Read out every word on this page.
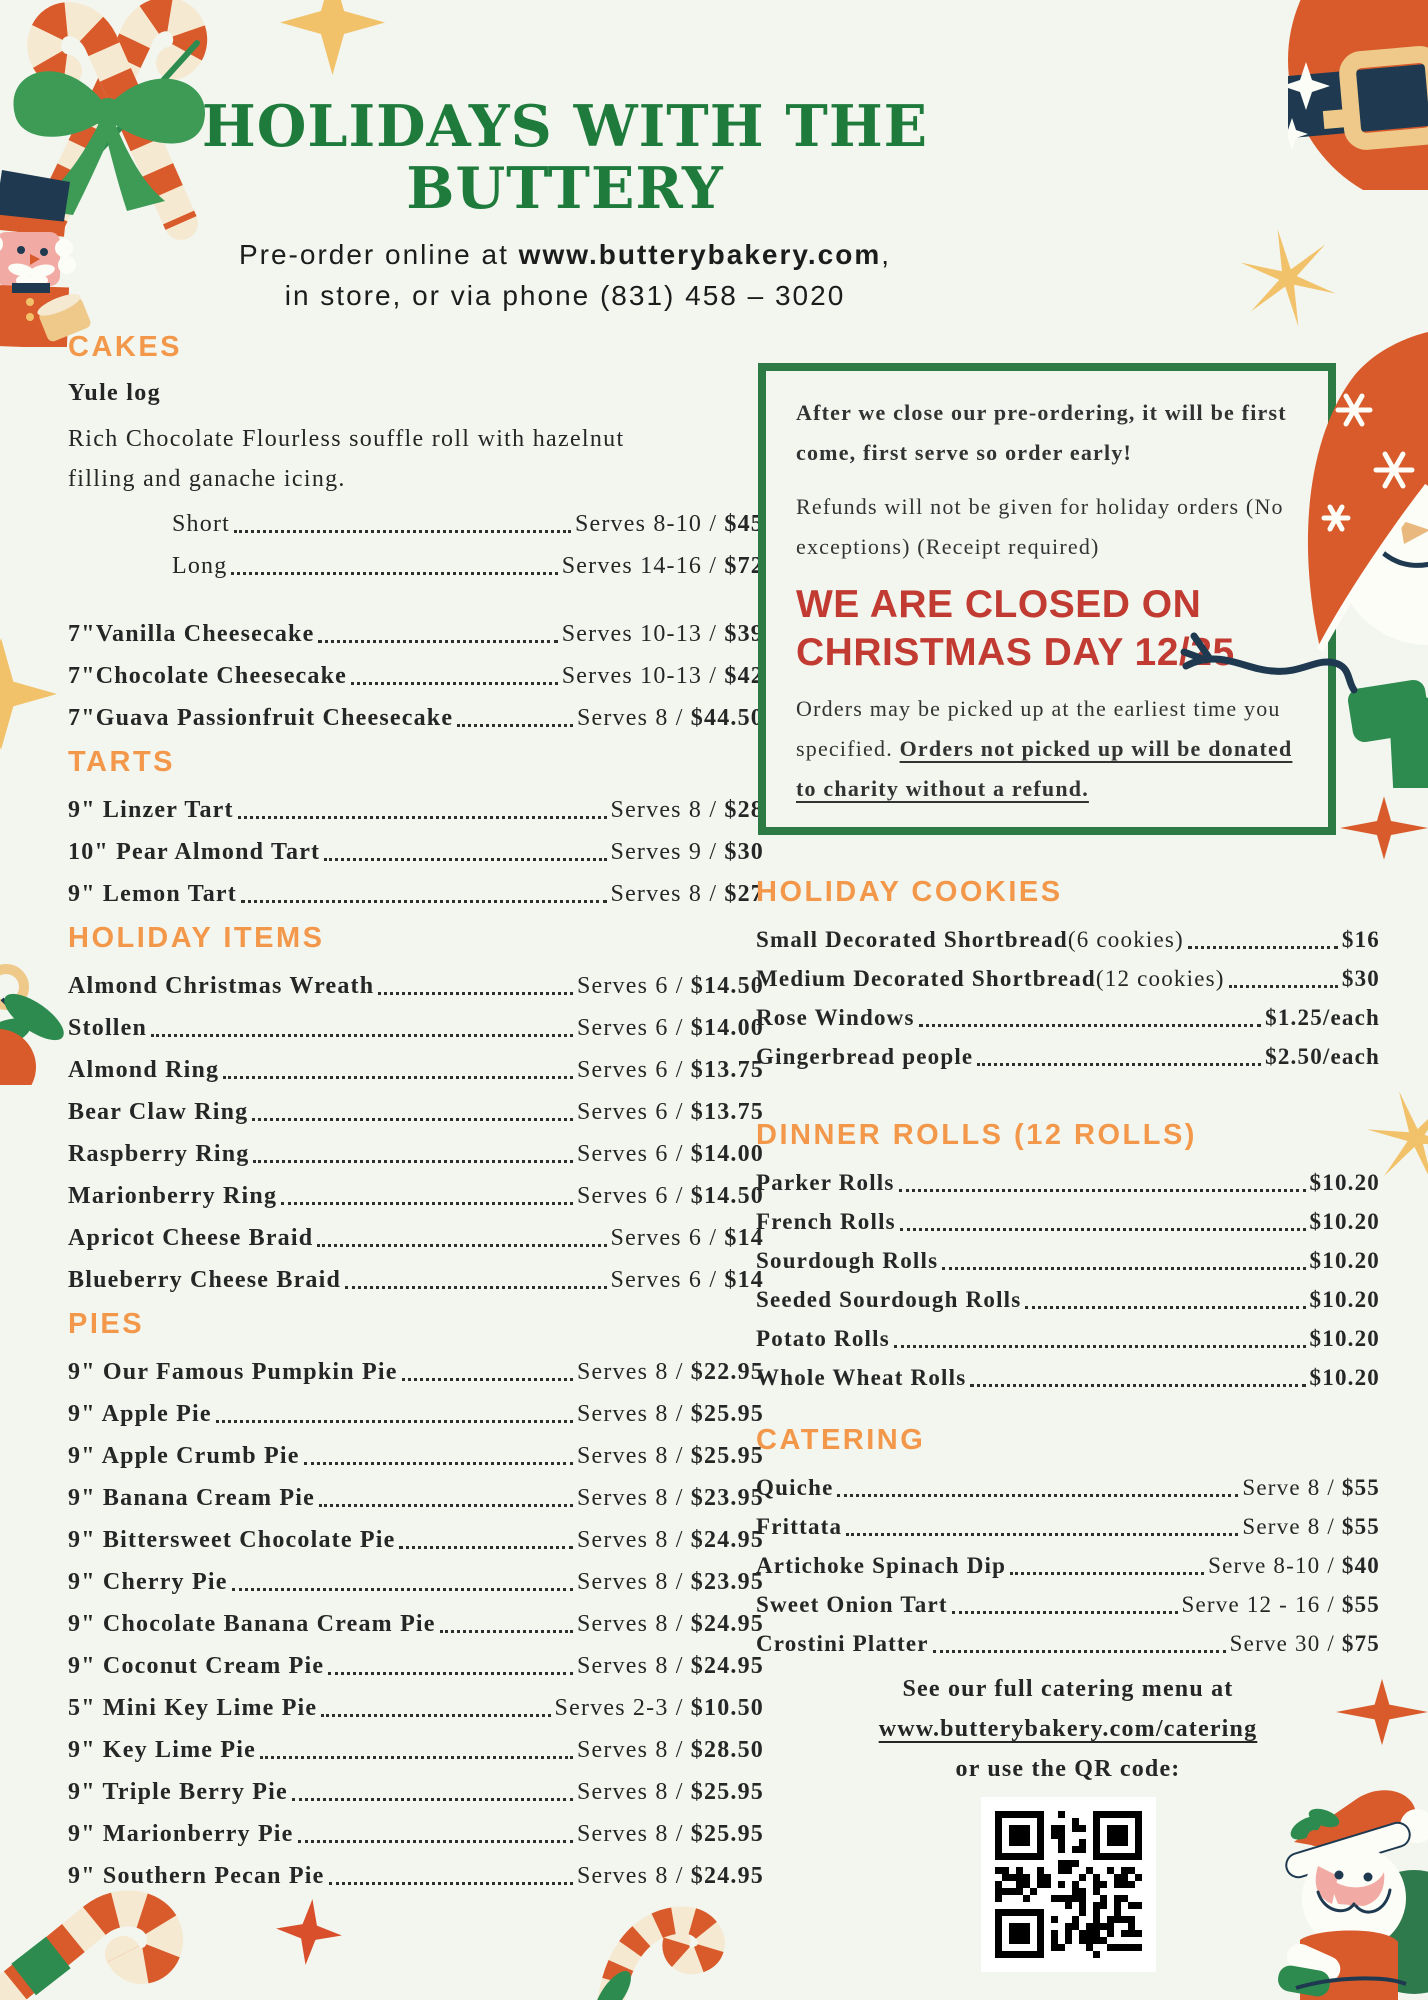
HOLIDAYS WITH THE BUTTERY
Pre-order online at www.butterybakery.com,
in store, or via phone (831) 458 – 3020
CAKES
Yule log
Rich Chocolate Flourless souffle roll with hazelnut filling and ganache icing.
Short	Serves 8-10 / $45
Long	Serves 14-16 / $72
7"Vanilla Cheesecake	Serves 10-13 / $39
7"Chocolate Cheesecake	Serves 10-13 / $42
7"Guava Passionfruit Cheesecake	Serves 8 / $44.50
TARTS
9" Linzer Tart	Serves 8 / $28
10" Pear Almond Tart	Serves 9 / $30
9" Lemon Tart	Serves 8 / $27
HOLIDAY ITEMS
Almond Christmas Wreath	Serves 6 / $14.50
Stollen	Serves 6 / $14.00
Almond Ring	Serves 6 / $13.75
Bear Claw Ring	Serves 6 / $13.75
Raspberry Ring	Serves 6 / $14.00
Marionberry Ring	Serves 6 / $14.50
Apricot Cheese Braid	Serves 6 / $14
Blueberry Cheese Braid	Serves 6 / $14
PIES
9" Our Famous Pumpkin Pie	Serves 8 / $22.95
9" Apple Pie	Serves 8 / $25.95
9" Apple Crumb Pie	Serves 8 / $25.95
9" Banana Cream Pie	Serves 8 / $23.95
9" Bittersweet Chocolate Pie	Serves 8 / $24.95
9" Cherry Pie	Serves 8 / $23.95
9" Chocolate Banana Cream Pie	Serves 8 / $24.95
9" Coconut Cream Pie	Serves 8 / $24.95
5" Mini Key Lime Pie	Serves 2-3 / $10.50
9" Key Lime Pie	Serves 8 / $28.50
9" Triple Berry Pie	Serves 8 / $25.95
9" Marionberry Pie	Serves 8 / $25.95
9" Southern Pecan Pie	Serves 8 / $24.95

After we close our pre-ordering, it will be first come, first serve so order early!

Refunds will not be given for holiday orders (No exceptions) (Receipt required)

WE ARE CLOSED ON CHRISTMAS DAY 12/25

Orders may be picked up at the earliest time you specified. Orders not picked up will be donated to charity without a refund.

HOLIDAY COOKIES
Small Decorated Shortbread (6 cookies)	$16
Medium Decorated Shortbread (12 cookies)	$30
Rose Windows	$1.25/each
Gingerbread people	$2.50/each
DINNER ROLLS (12 ROLLS)
Parker Rolls	$10.20
French Rolls	$10.20
Sourdough Rolls	$10.20
Seeded Sourdough Rolls	$10.20
Potato Rolls	$10.20
Whole Wheat Rolls	$10.20
CATERING
Quiche	Serve 8 / $55
Frittata	Serve 8 / $55
Artichoke Spinach Dip	Serve 8-10 / $40
Sweet Onion Tart	Serve 12 - 16 / $55
Crostini Platter	Serve 30 / $75
See our full catering menu at
www.butterybakery.com/catering
or use the QR code:
